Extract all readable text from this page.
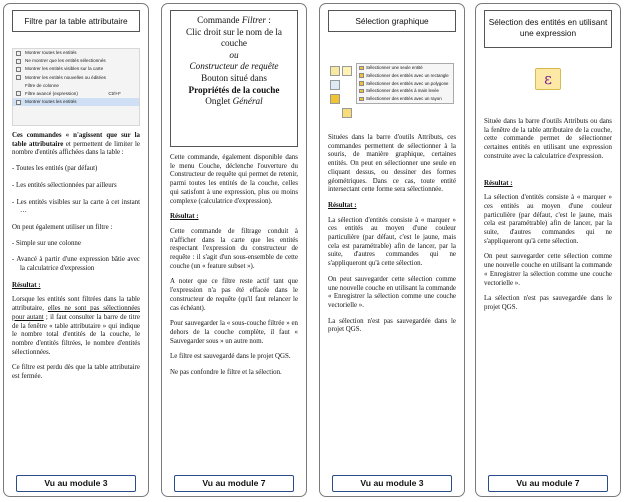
Filtre par la table attributaire
Montrer toutes les entités
Ne montrer que les entités sélectionnés
Montrer les entités visibles sur la carte
Montrer les entités nouvelles ou éditées
Filtre de colonne
Filtre avancé (expression)	Ctrl+F
Montrer toutes les entités

Ces commandes « n'agissent que sur la table attributaire et permettent de limiter le nombre d'entités affichées dans la table :

- Toutes les entités (par défaut)

- Les entités sélectionnées par ailleurs

- Les entités visibles sur la carte à cet instant …

On peut également utiliser un filtre :

- Simple sur une colonne

- Avancé à partir d'une expression bâtie avec la calculatrice d'expression

Résultat :

Lorsque les entités sont filtrées dans la table attributaire, elles ne sont pas sélectionnées pour autant ; il faut consulter la barre de titre de la fenêtre « table attributaire » qui indique le nombre total d'entités de la couche, le nombre d'entités filtrées, le nombre d'entités sélectionnées.

Ce filtre est perdu dès que la table attributaire est fermée.

Vu au module 3
Commande Filtrer :
Clic droit sur le nom de la couche
ou
Constructeur de requête
Bouton situé dans
Propriétés de la couche
Onglet Général

Cette commande, également disponible dans le menu Couche, déclenche l'ouverture du Constructeur de requête qui permet de retenir, parmi toutes les entités de la couche, celles qui satisfont à une expression, plus ou moins complexe (calculatrice d'expression).

Résultat :

Cette commande de filtrage conduit à n'afficher dans la carte que les entités respectant l'expression du constructeur de requête : il s'agit d'un sous-ensemble de cette couche (un « feature subset »).

A noter que ce filtre reste actif tant que l'expression n'a pas été effacée dans le constructeur de requête (qu'il faut relancer le cas échéant).

Pour sauvegarder la « sous-couche filtrée » en dehors de la couche complète, il faut « Sauvegarder sous » un autre nom.

Le filtre est sauvegardé dans le projet QGS.

Ne pas confondre le filtre et la sélection.

Vu au module 7
Sélection graphique
Sélectionner une seule entité
Sélectionner des entités avec un rectangle
Sélectionner des entités avec un polygone
Sélectionner des entités à main levée
Sélectionner des entités avec un rayon

Situées dans la barre d'outils Attributs, ces commandes permettent de sélectionner à la souris, de manière graphique, certaines entités. On peut en sélectionner une seule en cliquant dessus, ou dessiner des formes géométriques. Dans ce cas, toute entité intersectant cette forme sera sélectionnée.

Résultat :

La sélection d'entités consiste à « marquer » ces entités au moyen d'une couleur particulière (par défaut, c'est le jaune, mais cela est paramétrable) afin de lancer, par la suite, d'autres commandes qui ne s'appliqueront qu'à cette sélection.

On peut sauvegarder cette sélection comme une nouvelle couche en utilisant la commande « Enregistrer la sélection comme une couche vectorielle ».

La sélection n'est pas sauvegardée dans le projet QGS.

Vu au module 3
Sélection des entités en utilisant une expression
ε

Située dans la barre d'outils Attributs ou dans la fenêtre de la table attributaire de la couche, cette commande permet de sélectionner certaines entités en utilisant une expression construite avec la calculatrice d'expression.

Résultat :

La sélection d'entités consiste à « marquer » ces entités au moyen d'une couleur particulière (par défaut, c'est le jaune, mais cela est paramétrable) afin de lancer, par la suite, d'autres commandes qui ne s'appliqueront qu'à cette sélection.

On peut sauvegarder cette sélection comme une nouvelle couche en utilisant la commande « Enregistrer la sélection comme une couche vectorielle ».

La sélection n'est pas sauvegardée dans le projet QGS.

Vu au module 7
